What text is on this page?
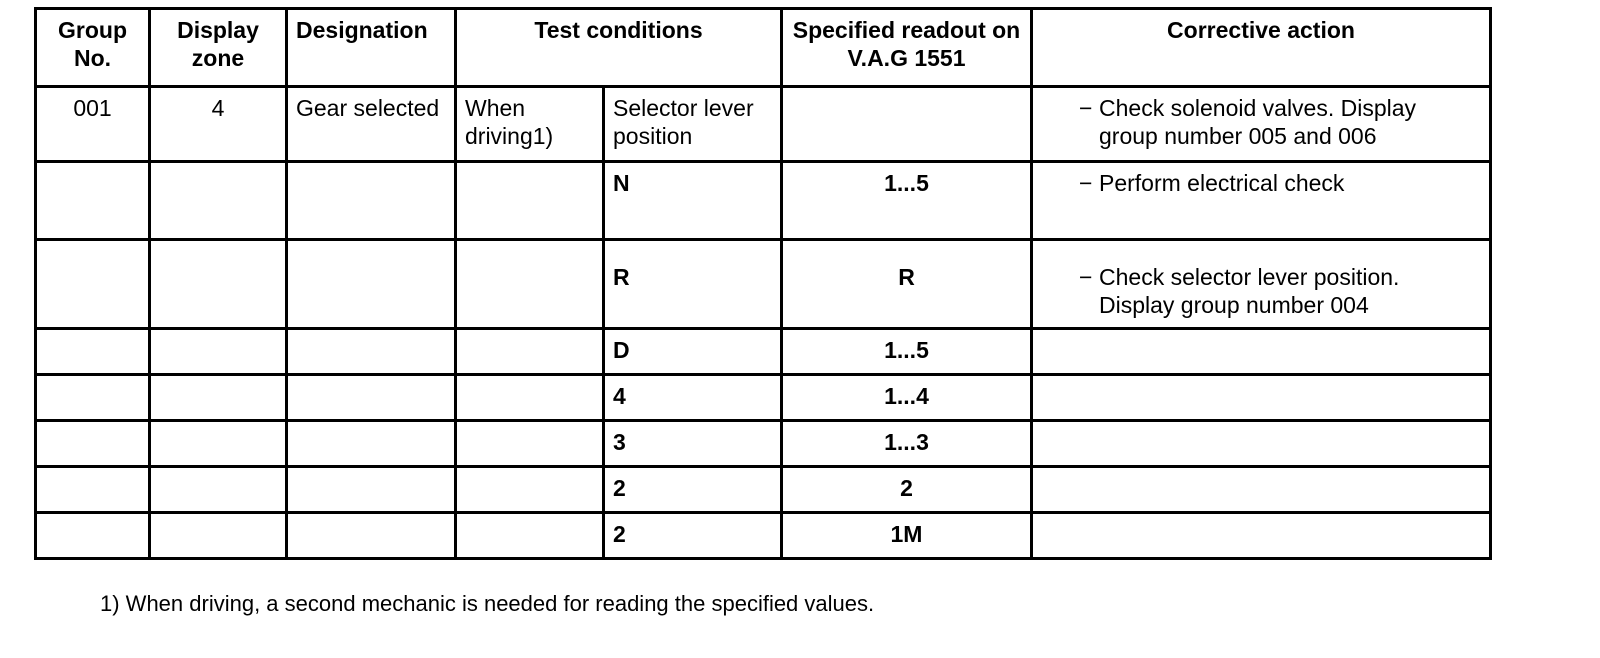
Group No.	Display zone	Designation	Test conditions		Specified readout on V.A.G 1551	Corrective action
001	4	Gear selected	When driving1)	Selector lever position		− Check solenoid valves. Display group number 005 and 006

				N	1...5	− Perform electrical check

				R	R	− Check selector lever position. Display group number 004

				D	1...5	
				4	1...4	
				3	1...3	
				2	2	
				2	1M	
1) When driving, a second mechanic is needed for reading the specified values.
